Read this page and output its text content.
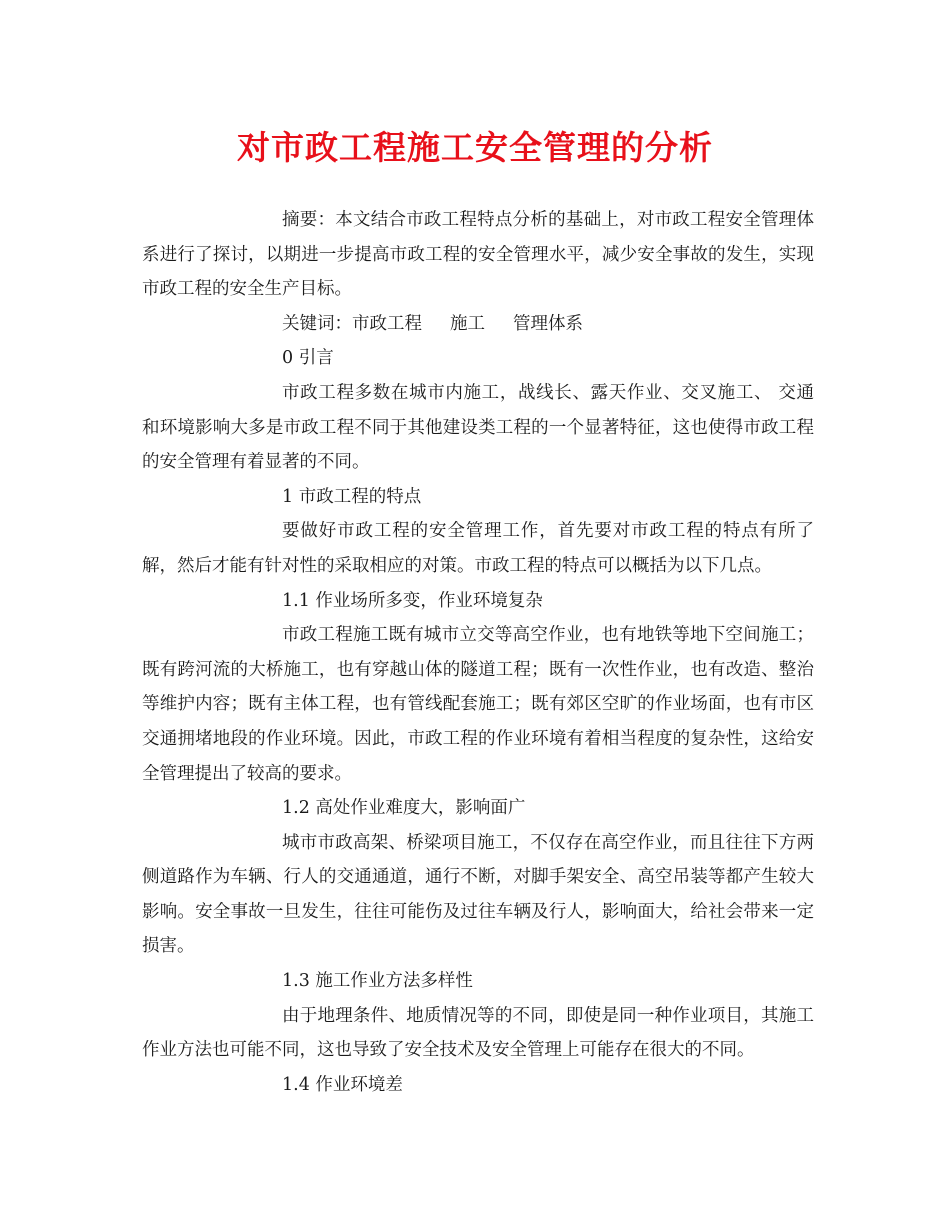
对市政工程施工安全管理的分析

摘要：本文结合市政工程特点分析的基础上，对市政工程安全管理体系进行了探讨，以期进一步提高市政工程的安全管理水平，减少安全事故的发生，实现市政工程的安全生产目标。

关键词：市政工程 施工 管理体系

0 引言

市政工程多数在城市内施工，战线长、露天作业、交叉施工、 交通 和环境影响大多是市政工程不同于其他建设类工程的一个显著特征，这也使得市政工程的安全管理有着显著的不同。

1 市政工程的特点

要做好市政工程的安全管理工作，首先要对市政工程的特点有所了解，然后才能有针对性的采取相应的对策。市政工程的特点可以概括为以下几点。

1.1 作业场所多变，作业环境复杂

市政工程施工既有城市立交等高空作业，也有地铁等地下空间施工；既有跨河流的大桥施工，也有穿越山体的隧道工程；既有一次性作业，也有改造、整治等维护内容；既有主体工程，也有管线配套施工；既有郊区空旷的作业场面，也有市区交通拥堵地段的作业环境。因此，市政工程的作业环境有着相当程度的复杂性，这给安全管理提出了较高的要求。

1.2 高处作业难度大，影响面广

城市市政高架、桥梁项目施工，不仅存在高空作业，而且往往下方两侧道路作为车辆、行人的交通通道，通行不断，对脚手架安全、高空吊装等都产生较大影响。安全事故一旦发生，往往可能伤及过往车辆及行人，影响面大，给社会带来一定损害。

1.3 施工作业方法多样性

由于地理条件、地质情况等的不同，即使是同一种作业项目，其施工作业方法也可能不同，这也导致了安全技术及安全管理上可能存在很大的不同。

1.4 作业环境差
